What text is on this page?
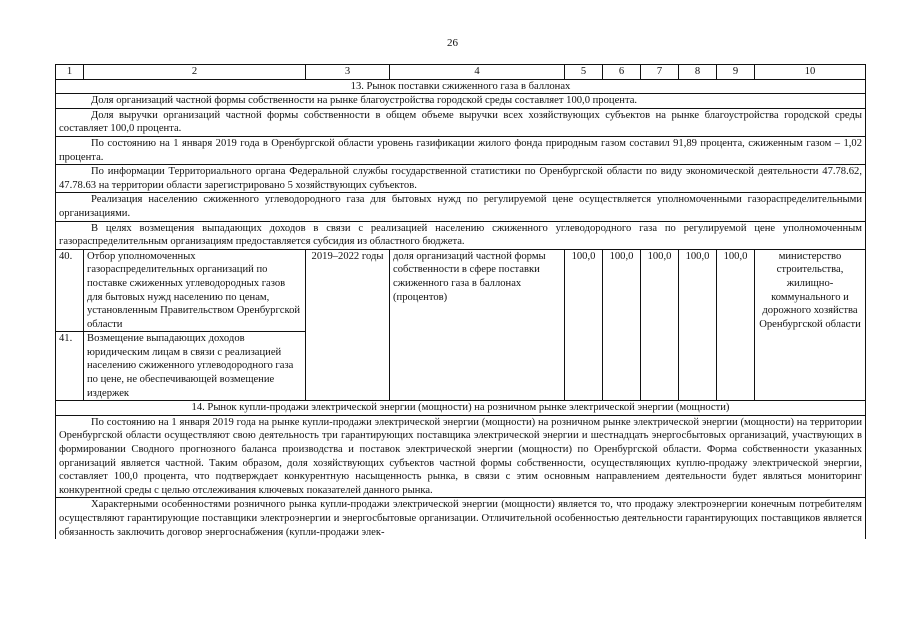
26
1	2	3	4	5	6	7	8	9	10
13. Рынок поставки сжиженного газа в баллонах									

Доля организаций частной формы собственности на рынке благоустройства городской среды составляет 100,0 процента.									

Доля выручки организаций частной формы собственности в общем объеме выручки всех хозяйствующих субъектов на рынке благоустройства городской среды составляет 100,0 процента.									

По состоянию на 1 января 2019 года в Оренбургской области уровень газификации жилого фонда природным газом составил 91,89 процента, сжиженным газом – 1,02 процента.									

По информации Территориального органа Федеральной службы государственной статистики по Оренбургской области по виду экономической деятельности 47.78.62, 47.78.63 на территории области зарегистрировано 5 хозяйствующих субъектов.									

Реализация населению сжиженного углеводородного газа для бытовых нужд по регулируемой цене осуществляется уполномоченными газораспределительными организациями.									

В целях возмещения выпадающих доходов в связи с реализацией населению сжиженного углеводородного газа по регулируемой цене уполномоченным газораспределительным организациям предоставляется субсидия из областного бюджета.									

40.	Отбор уполномоченных газораспределительных организаций по поставке сжиженных углеводородных газов для бытовых нужд населению по ценам, установленным Правительством Оренбургской области	2019–2022 годы	доля организаций частной формы собственности в сфере поставки сжиженного газа в баллонах (процентов)	100,0	100,0	100,0	100,0	100,0	министерство строительства, жилищно-коммунального и дорожного хозяйства Оренбургской области
41.	Возмещение выпадающих доходов юридическим лицам в связи с реализацией населению сжиженного углеводородного газа по цене, не обеспечивающей возмещение издержек								
14. Рынок купли-продажи электрической энергии (мощности) на розничном рынке электрической энергии (мощности)									

По состоянию на 1 января 2019 года на рынке купли-продажи электрической энергии (мощности) на розничном рынке электрической энергии (мощности) на территории Оренбургской области осуществляют свою деятельность три гарантирующих поставщика электрической энергии и шестнадцать энергосбытовых организаций, участвующих в формировании Сводного прогнозного баланса производства и поставок электрической энергии (мощности) по Оренбургской области. Форма собственности указанных организаций является частной. Таким образом, доля хозяйствующих субъектов частной формы собственности, осуществляющих куплю-продажу электрической энергии, составляет 100,0 процента, что подтверждает конкурентную насыщенность рынка, в связи с этим основным направлением деятельности будет являться мониторинг конкурентной среды с целью отслеживания ключевых показателей данного рынка.									

Характерными особенностями розничного рынка купли-продажи электрической энергии (мощности) является то, что продажу электроэнергии конечным потребителям осуществляют гарантирующие поставщики электроэнергии и энергосбытовые организации. Отличительной особенностью деятельности гарантирующих поставщиков является обязанность заключить договор энергоснабжения (купли-продажи элек-									
